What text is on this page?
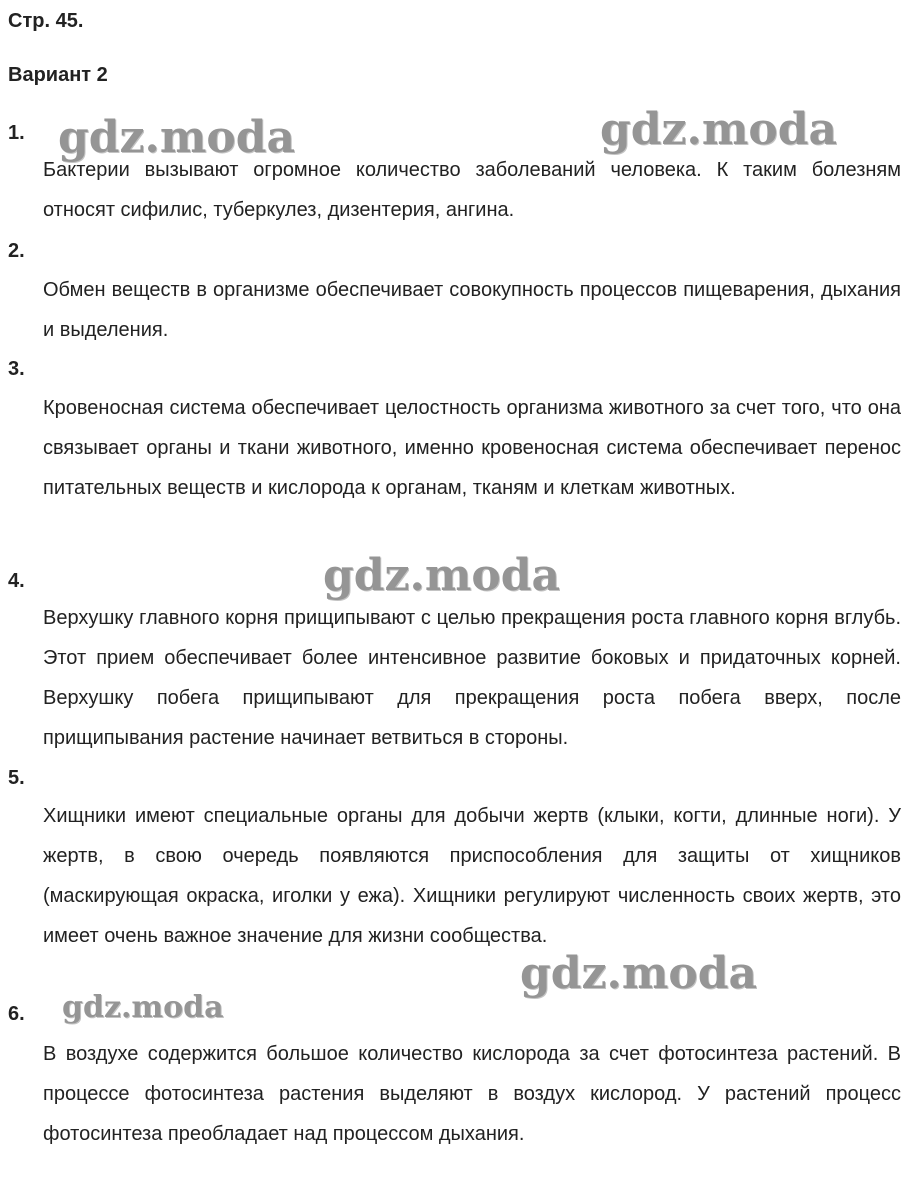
Стр. 45.
Вариант 2
1.
Бактерии вызывают огромное количество заболеваний человека. К таким болезням относят сифилис, туберкулез, дизентерия, ангина.
2.
Обмен веществ в организме обеспечивает совокупность процессов пищеварения, дыхания и выделения.
3.
Кровеносная система обеспечивает целостность организма животного за счет того, что она связывает органы и ткани животного, именно кровеносная система обеспечивает перенос питательных веществ и кислорода к органам, тканям и клеткам животных.
4.
Верхушку главного корня прищипывают с целью прекращения роста главного корня вглубь. Этот прием обеспечивает более интенсивное развитие боковых и придаточных корней. Верхушку побега прищипывают для прекращения роста побега вверх, после прищипывания растение начинает ветвиться в стороны.
5.
Хищники имеют специальные органы для добычи жертв (клыки, когти, длинные ноги). У жертв, в свою очередь появляются приспособления для защиты от хищников (маскирующая окраска, иголки у ежа). Хищники регулируют численность своих жертв, это имеет очень важное значение для жизни сообщества.
6.
В воздухе содержится большое количество кислорода за счет фотосинтеза растений. В процессе фотосинтеза растения выделяют в воздух кислород. У растений процесс фотосинтеза преобладает над процессом дыхания.
gdz.moda	gdz.moda
gdz.moda
gdz.moda
gdz.moda
